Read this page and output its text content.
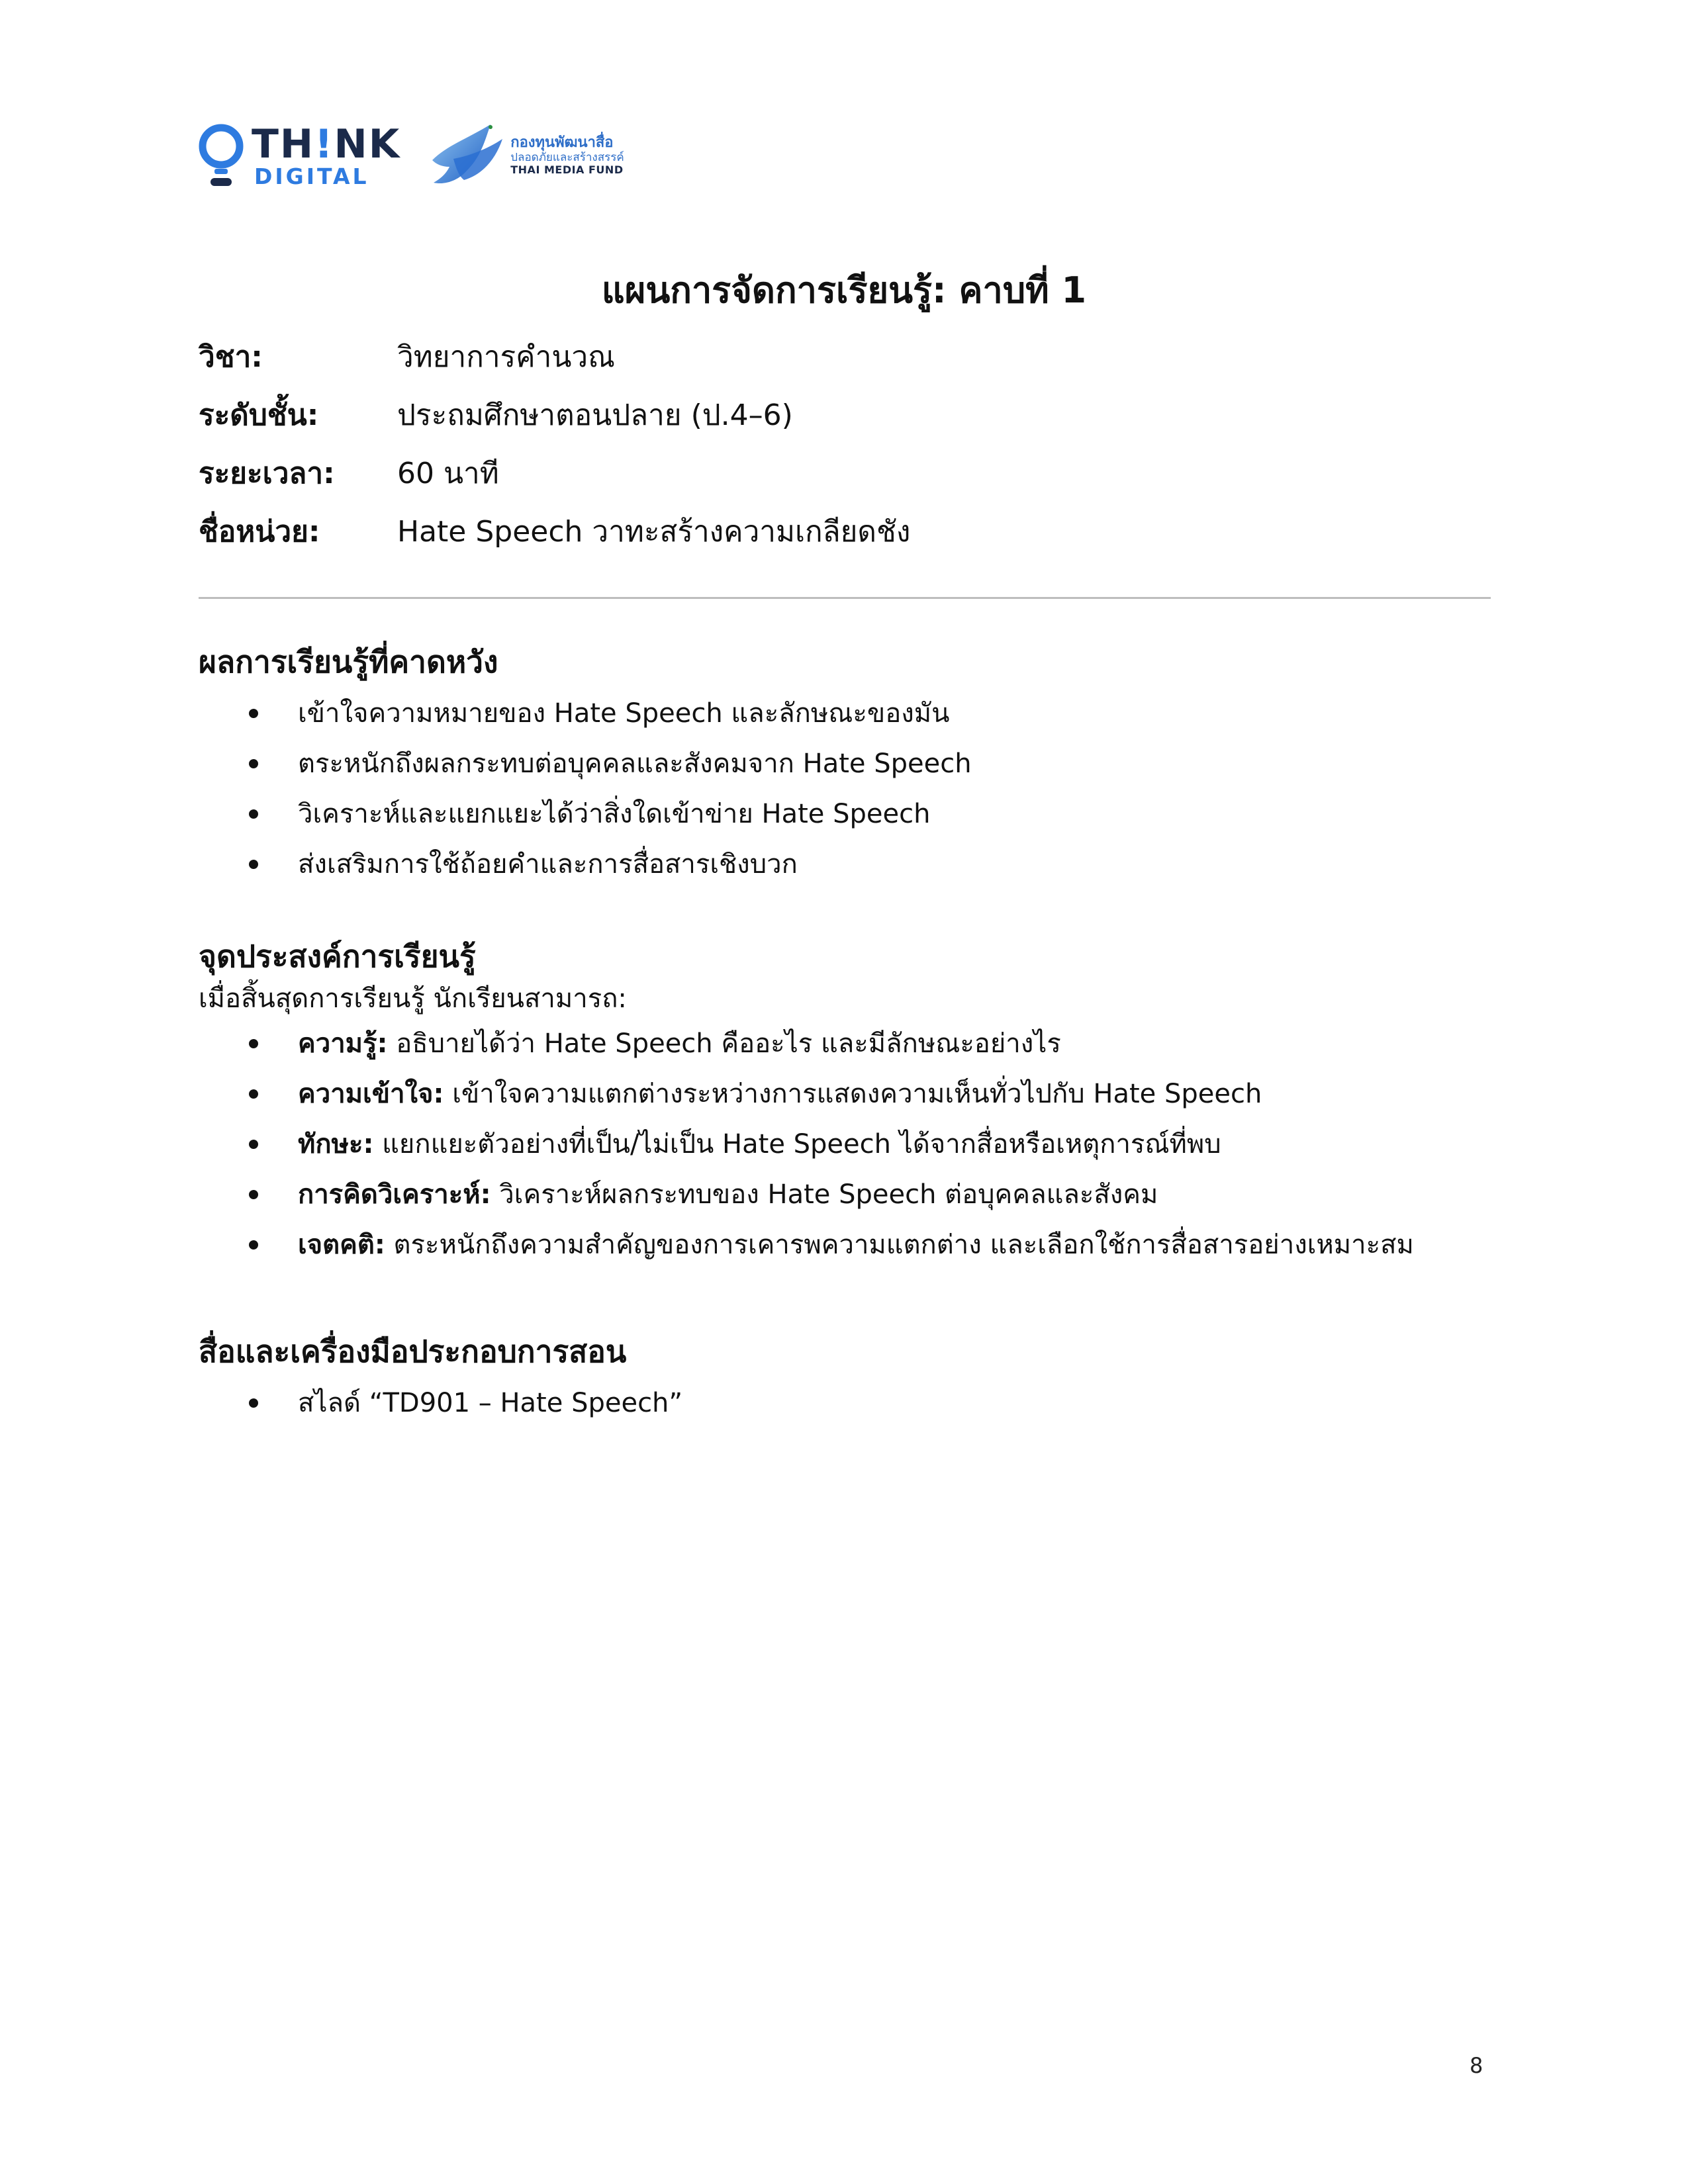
TH!NK
DIGITAL
กองทุนพัฒนาสื่อ
ปลอดภัยและสร้างสรรค์
THAI MEDIA FUND
แผนการจัดการเรียนรู้: คาบที่ 1
วิชา:	วิทยาการคำนวณ
ระดับชั้น:	ประถมศึกษาตอนปลาย (ป.4–6)
ระยะเวลา:	60 นาที
ชื่อหน่วย:	Hate Speech วาทะสร้างความเกลียดชัง
ผลการเรียนรู้ที่คาดหวัง
เข้าใจความหมายของ Hate Speech และลักษณะของมัน
ตระหนักถึงผลกระทบต่อบุคคลและสังคมจาก Hate Speech
วิเคราะห์และแยกแยะได้ว่าสิ่งใดเข้าข่าย Hate Speech
ส่งเสริมการใช้ถ้อยคำและการสื่อสารเชิงบวก
จุดประสงค์การเรียนรู้

เมื่อสิ้นสุดการเรียนรู้ นักเรียนสามารถ:

ความรู้: อธิบายได้ว่า Hate Speech คืออะไร และมีลักษณะอย่างไร
ความเข้าใจ: เข้าใจความแตกต่างระหว่างการแสดงความเห็นทั่วไปกับ Hate Speech
ทักษะ: แยกแยะตัวอย่างที่เป็น/ไม่เป็น Hate Speech ได้จากสื่อหรือเหตุการณ์ที่พบ
การคิดวิเคราะห์: วิเคราะห์ผลกระทบของ Hate Speech ต่อบุคคลและสังคม
เจตคติ: ตระหนักถึงความสำคัญของการเคารพความแตกต่าง และเลือกใช้การสื่อสารอย่างเหมาะสม
สื่อและเครื่องมือประกอบการสอน
สไลด์ “TD901 – Hate Speech”
8
